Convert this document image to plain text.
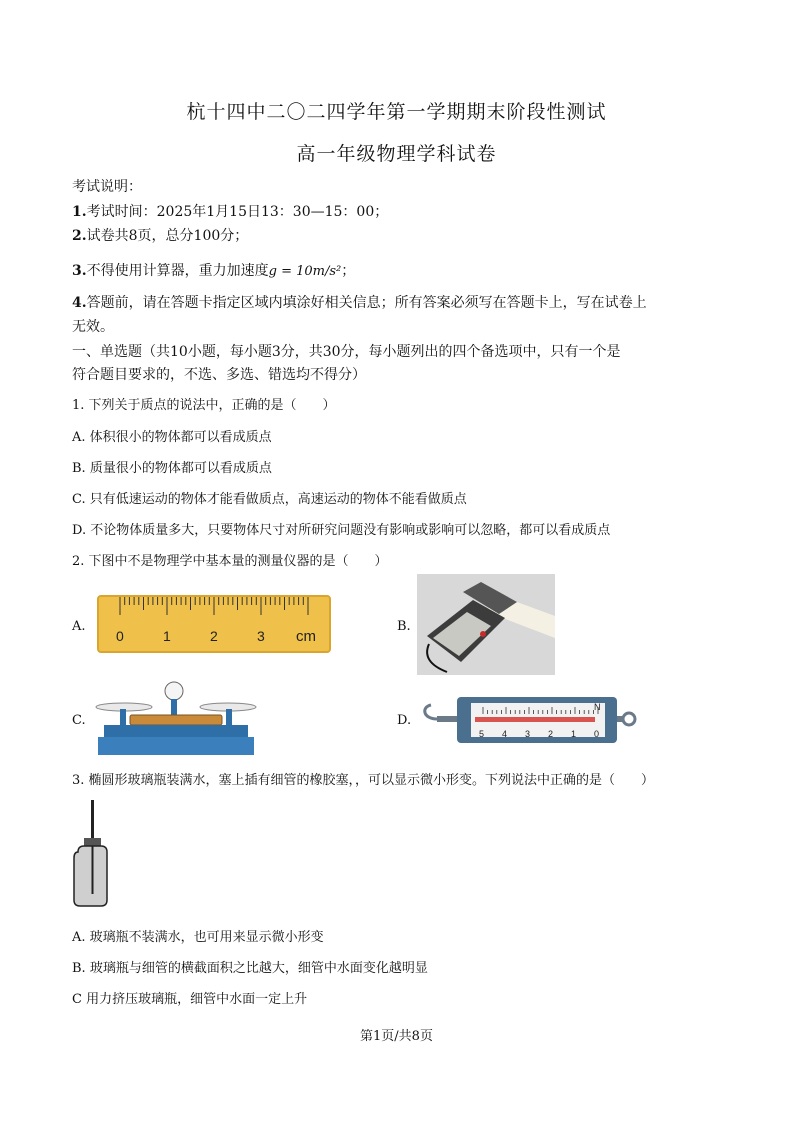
杭十四中二〇二四学年第一学期期末阶段性测试
高一年级物理学科试卷
考试说明：
1.考试时间：2025年1月15日13：30—15：00；
2.试卷共8页，总分100分；
3.不得使用计算器，重力加速度g = 10m/s²；
4.答题前，请在答题卡指定区域内填涂好相关信息；所有答案必须写在答题卡上，写在试卷上
无效。
一、单选题（共10小题，每小题3分，共30分，每小题列出的四个备选项中，只有一个是
符合题目要求的，不选、多选、错选均不得分）
1. 下列关于质点的说法中，正确的是（　　）
A. 体积很小的物体都可以看成质点
B. 质量很小的物体都可以看成质点
C. 只有低速运动的物体才能看做质点，高速运动的物体不能看做质点
D. 不论物体质量多大，只要物体尺寸对所研究问题没有影响或影响可以忽略，都可以看成质点
2. 下图中不是物理学中基本量的测量仪器的是（　　）
A.	B.
C.	D.
0	1	2	3 cm
N
0
1
2
3
4
5
3. 椭圆形玻璃瓶装满水，塞上插有细管的橡胶塞，，可以显示微小形变。下列说法中正确的是（　　）
A. 玻璃瓶不装满水，也可用来显示微小形变
B. 玻璃瓶与细管的横截面积之比越大，细管中水面变化越明显
C 用力挤压玻璃瓶，细管中水面一定上升
第1页/共8页
